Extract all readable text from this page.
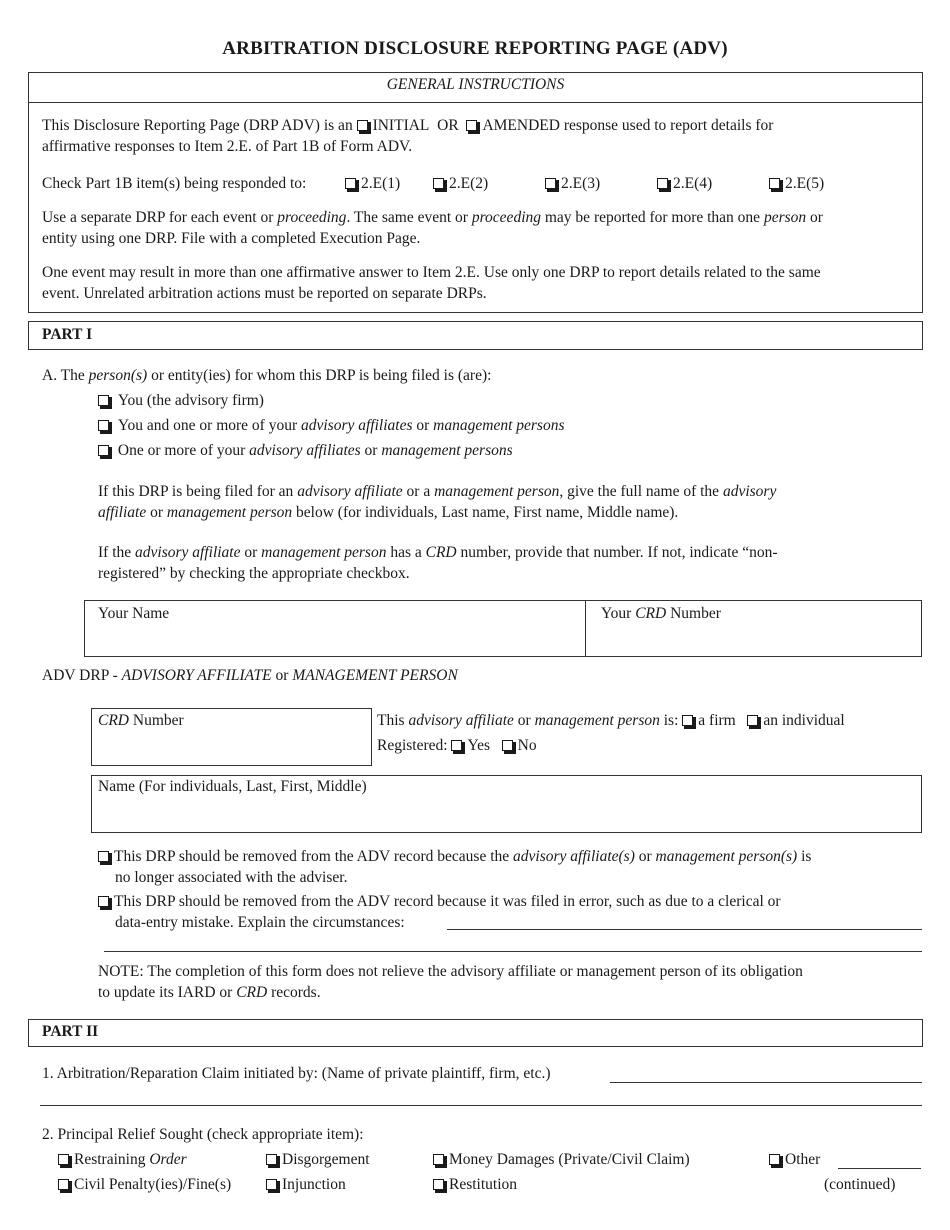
ARBITRATION DISCLOSURE REPORTING PAGE (ADV)
GENERAL INSTRUCTIONS
This Disclosure Reporting Page (DRP ADV) is an INITIAL OR AMENDED response used to report details for
affirmative responses to Item 2.E. of Part 1B of Form ADV.
Check Part 1B item(s) being responded to:	2.E(1)	2.E(2)	2.E(3)	2.E(4)	2.E(5)
Use a separate DRP for each event or proceeding. The same event or proceeding may be reported for more than one person or
entity using one DRP. File with a completed Execution Page.
One event may result in more than one affirmative answer to Item 2.E. Use only one DRP to report details related to the same
event. Unrelated arbitration actions must be reported on separate DRPs.
PART I
A. The person(s) or entity(ies) for whom this DRP is being filed is (are):
You (the advisory firm)
You and one or more of your advisory affiliates or management persons
One or more of your advisory affiliates or management persons
If this DRP is being filed for an advisory affiliate or a management person, give the full name of the advisory
affiliate or management person below (for individuals, Last name, First name, Middle name).
If the advisory affiliate or management person has a CRD number, provide that number. If not, indicate “non-
registered” by checking the appropriate checkbox.
Your Name	Your CRD Number
ADV DRP - ADVISORY AFFILIATE or MANAGEMENT PERSON
CRD Number	This advisory affiliate or management person is: a firm an individual
Registered: Yes No
Name (For individuals, Last, First, Middle)
This DRP should be removed from the ADV record because the advisory affiliate(s) or management person(s) is
no longer associated with the adviser.
This DRP should be removed from the ADV record because it was filed in error, such as due to a clerical or
data-entry mistake. Explain the circumstances:
NOTE: The completion of this form does not relieve the advisory affiliate or management person of its obligation
to update its IARD or CRD records.
PART II
1. Arbitration/Reparation Claim initiated by: (Name of private plaintiff, firm, etc.)
2. Principal Relief Sought (check appropriate item):
Restraining Order	Disgorgement	Money Damages (Private/Civil Claim)	Other
Civil Penalty(ies)/Fine(s)	Injunction	Restitution	(continued)
